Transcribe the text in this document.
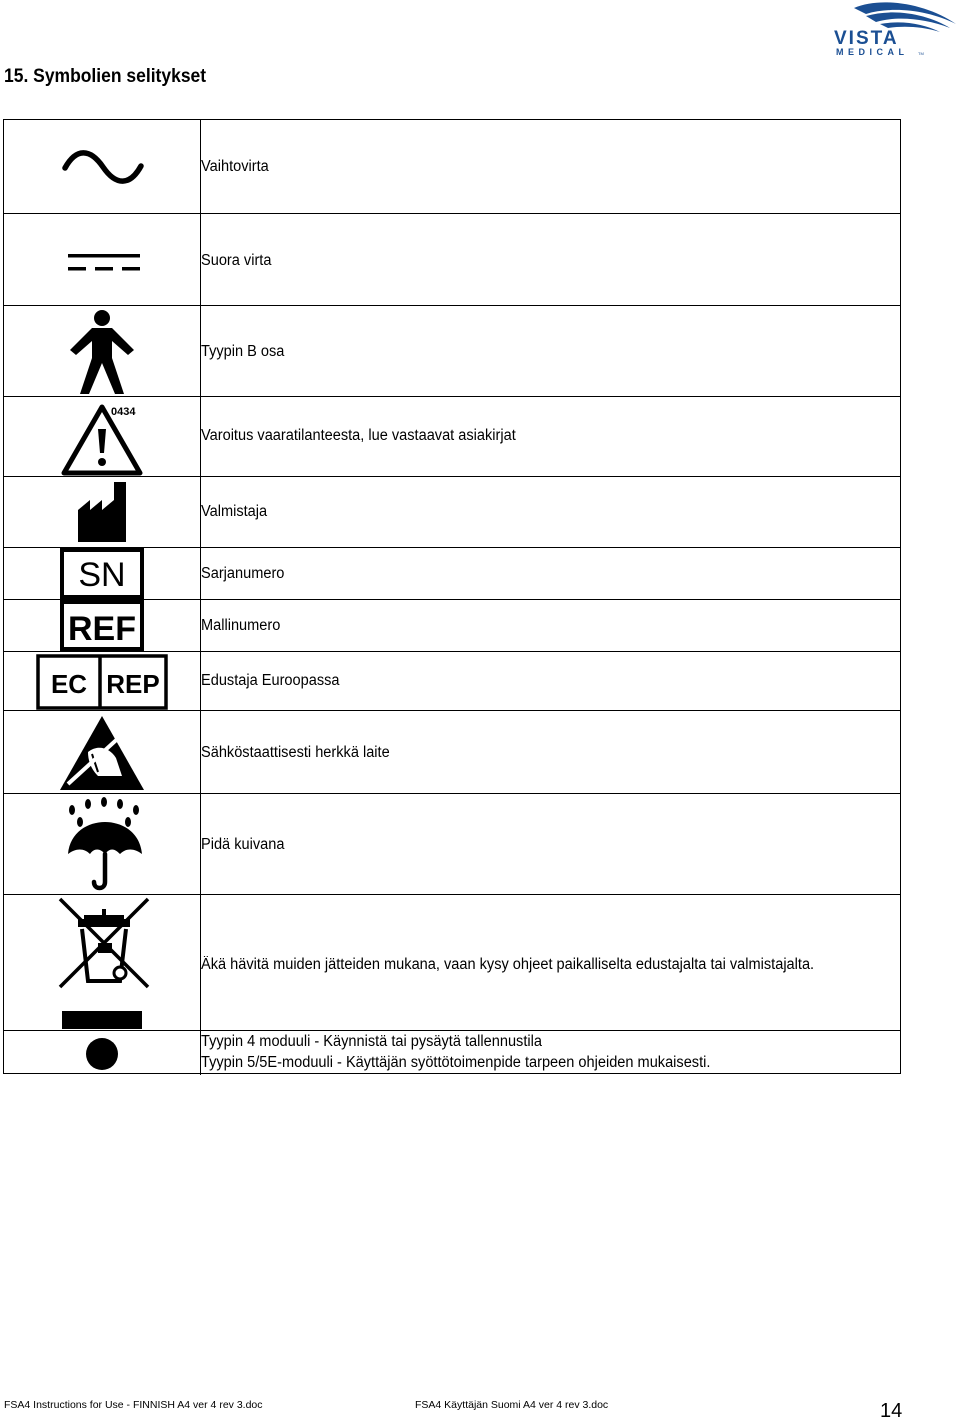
VISTA
MEDICAL TM
15. Symbolien selitykset
Vaihtovirta
Suora virta
Tyypin B osa
0434
Varoitus vaaratilanteesta, lue vastaavat asiakirjat
Valmistaja
SN	Sarjanumero
REF	Mallinumero
EC REP	Edustaja Euroopassa
Sähköstaattisesti herkkä laite
Pidä kuivana
Äkä hävitä muiden jätteiden mukana, vaan kysy ohjeet paikalliselta edustajalta tai valmistajalta.
Tyypin 4 moduuli - Käynnistä tai pysäytä tallennustila
Tyypin 5/5E-moduuli - Käyttäjän syöttötoimenpide tarpeen ohjeiden mukaisesti.
FSA4 Instructions for Use - FINNISH A4 ver 4 rev 3.doc	FSA4 Käyttäjän Suomi A4 ver 4 rev 3.doc	14
